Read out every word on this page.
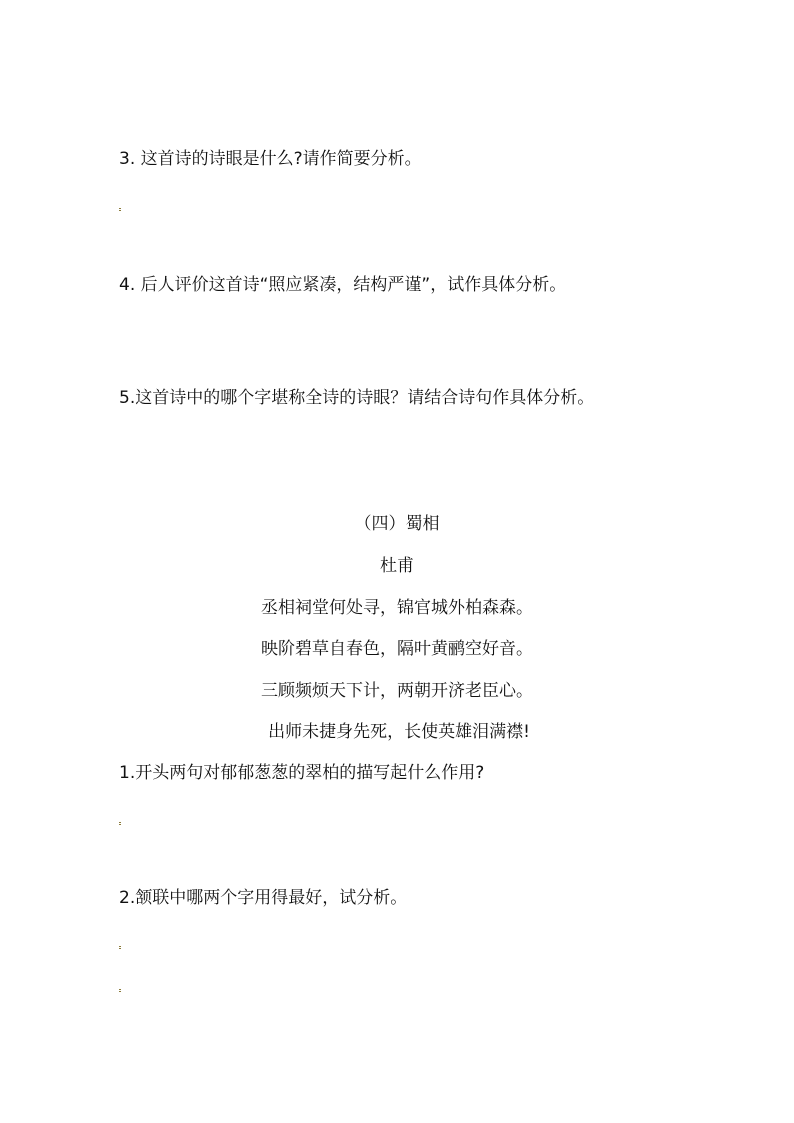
3. 这首诗的诗眼是什么?请作简要分析。
4. 后人评价这首诗“照应紧凑，结构严谨”，试作具体分析。
5.这首诗中的哪个字堪称全诗的诗眼？请结合诗句作具体分析。
（四）蜀相
杜甫
丞相祠堂何处寻，锦官城外柏森森。
映阶碧草自春色，隔叶黄鹂空好音。
三顾频烦天下计，两朝开济老臣心。
出师未捷身先死，长使英雄泪满襟!
1.开头两句对郁郁葱葱的翠柏的描写起什么作用?
2.颔联中哪两个字用得最好，试分析。
